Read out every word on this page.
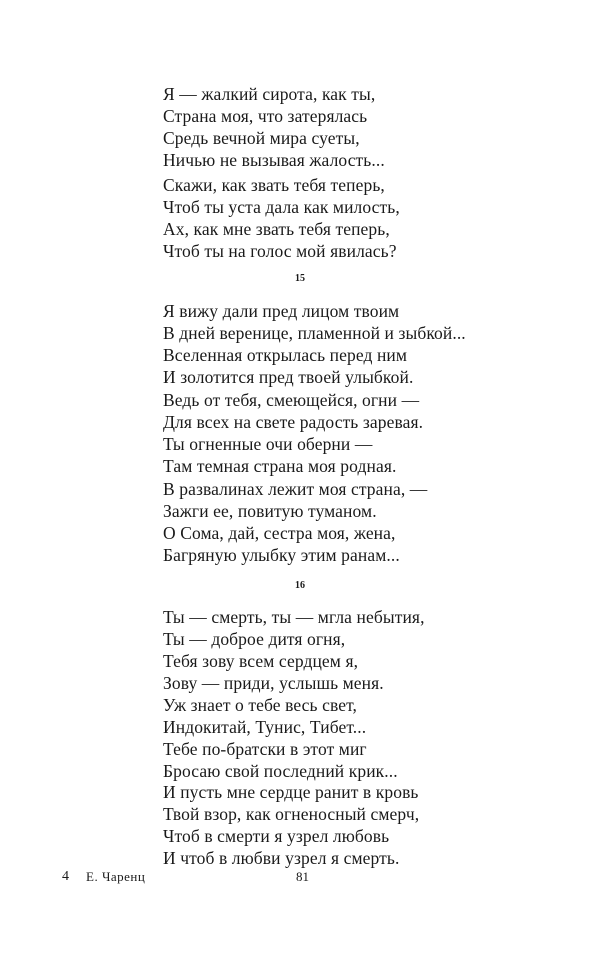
Я — жалкий сирота, как ты,
Страна моя, что затерялась
Средь вечной мира суеты,
Ничью не вызывая жалость...
Скажи, как звать тебя теперь,
Чтоб ты уста дала как милость,
Ах, как мне звать тебя теперь,
Чтоб ты на голос мой явилась?
15
Я вижу дали пред лицом твоим
В дней веренице, пламенной и зыбкой...
Вселенная открылась перед ним
И золотится пред твоей улыбкой.
Ведь от тебя, смеющейся, огни —
Для всех на свете радость заревая.
Ты огненные очи оберни —
Там темная страна моя родная.
В развалинах лежит моя страна, —
Зажги ее, повитую туманом.
О Сома, дай, сестра моя, жена,
Багряную улыбку этим ранам...
16
Ты — смерть, ты — мгла небытия,
Ты — доброе дитя огня,
Тебя зову всем сердцем я,
Зову — приди, услышь меня.
Уж знает о тебе весь свет,
Индокитай, Тунис, Тибет...
Тебе по-братски в этот миг
Бросаю свой последний крик...
И пусть мне сердце ранит в кровь
Твой взор, как огненосный смерч,
Чтоб в смерти я узрел любовь
И чтоб в любви узрел я смерть.
4 Е. Чаренц	81
